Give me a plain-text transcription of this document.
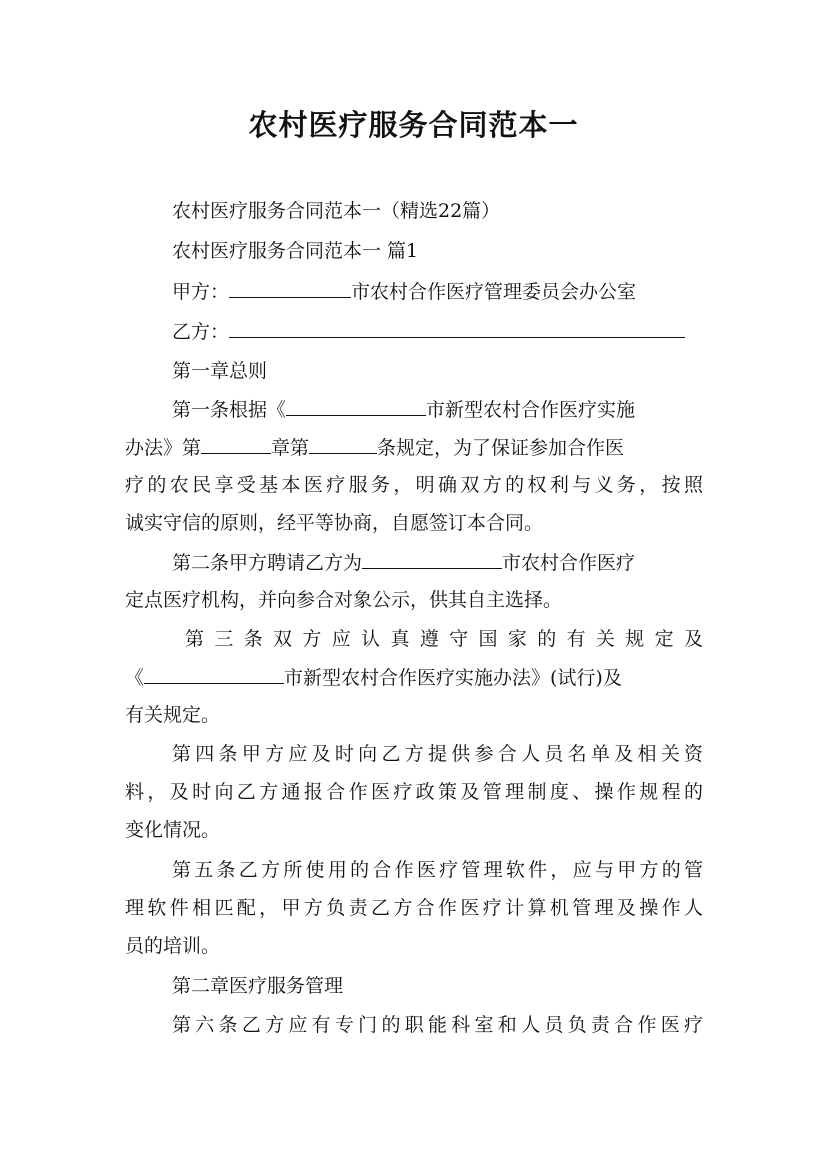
农村医疗服务合同范本一
农村医疗服务合同范本一（精选22篇）
农村医疗服务合同范本一 篇1
甲方：	市农村合作医疗管理委员会办公室
乙方：
第一章总则
第一条根据《	市新型农村合作医疗实施
办法》第	章第	条规定，为了保证参加合作医
疗的农民享受基本医疗服务，明确双方的权利与义务，按照
诚实守信的原则，经平等协商，自愿签订本合同。
第二条甲方聘请乙方为	市农村合作医疗
定点医疗机构，并向参合对象公示，供其自主选择。
第三条双方应认真遵守国家的有关规定及
《	市新型农村合作医疗实施办法》(试行)及
有关规定。
第四条甲方应及时向乙方提供参合人员名单及相关资
料，及时向乙方通报合作医疗政策及管理制度、操作规程的
变化情况。
第五条乙方所使用的合作医疗管理软件，应与甲方的管
理软件相匹配，甲方负责乙方合作医疗计算机管理及操作人
员的培训。
第二章医疗服务管理
第六条乙方应有专门的职能科室和人员负责合作医疗
